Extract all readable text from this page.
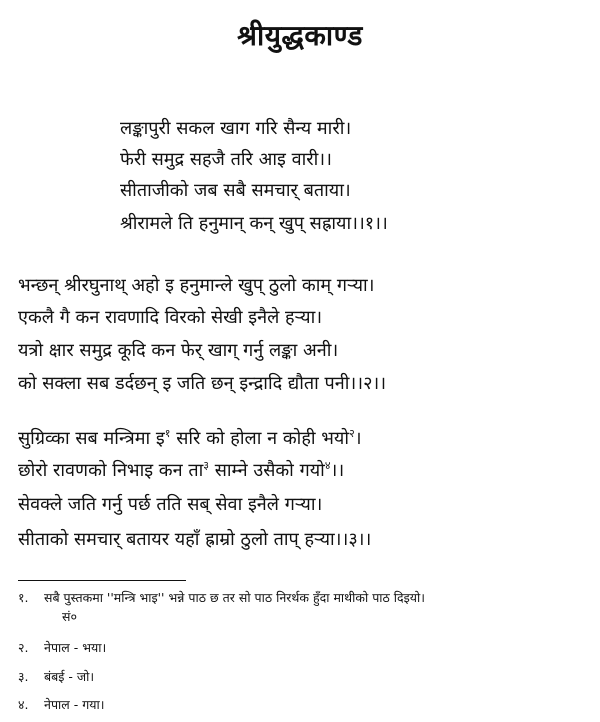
श्रीयुद्धकाण्ड
लङ्कापुरी सकल खाग गरि सैन्य मारी।
फेरी समुद्र सहजै तरि आइ वारी।।
सीताजीको जब सबै समचार् बताया।
श्रीरामले ति हनुमान् कन् खुप् सह्राया।।१।।
भन्छन् श्रीरघुनाथ् अहो इ हनुमान्ले खुप् ठुलो काम् गऱ्या।
एकलै गै कन रावणादि विरको सेखी इनैले हऱ्या।
यत्रो क्षार समुद्र कूदि कन फेर् खाग् गर्नु लङ्का अनी।
को सक्ला सब डर्दछन् इ जति छन् इन्द्रादि द्यौता पनी।।२।।
सुग्रिव्का सब मन्त्रिमा इ$^१$ सरि को होला न कोही भयो$^२$।
छोरो रावणको निभाइ कन ता$^३$ साम्ने उसैको गयो$^४$।।
सेवक्ले जति गर्नु पर्छ तति सब् सेवा इनैले गऱ्या।
सीताको समचार् बतायर यहाँ ह्राम्रो ठुलो ताप् हऱ्या।।३।।
१. सबै पुस्तकमा ''मन्त्रि भाइ'' भन्ने पाठ छ तर सो पाठ निरर्थक हुँदा माथीको पाठ दिइयो।
सं०
२. नेपाल - भया।
३. बंबई - जो।
४. नेपाल - गया।
